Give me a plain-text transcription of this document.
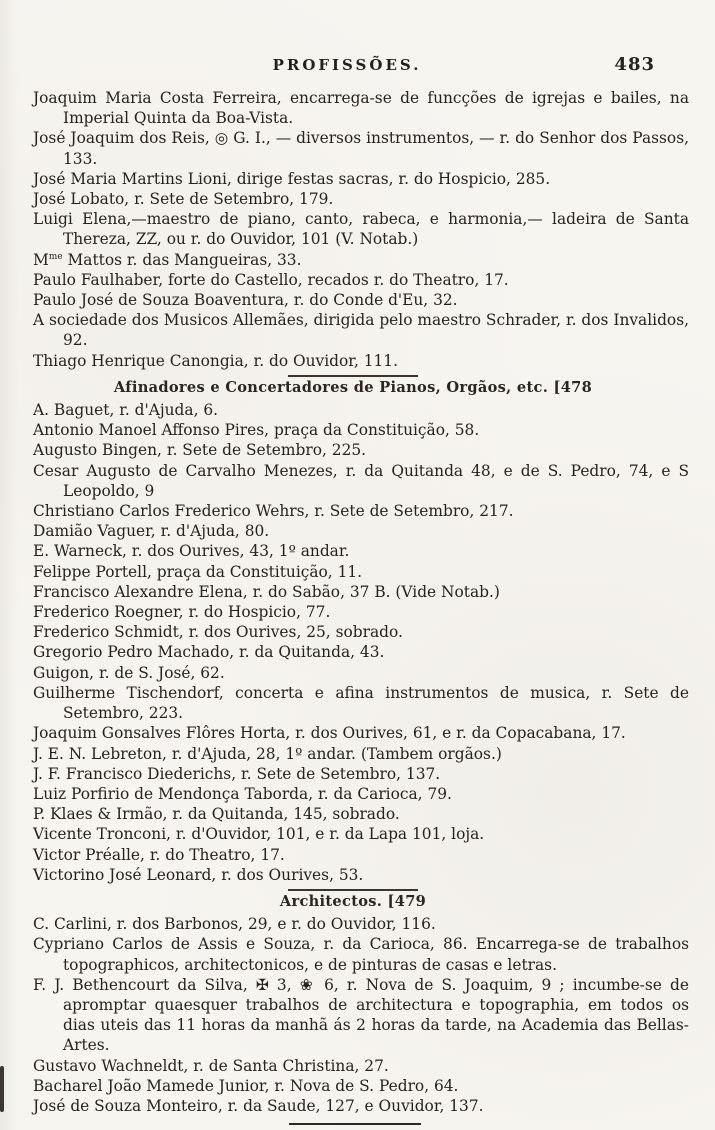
PROFISSÕES.	483

Joaquim Maria Costa Ferreira, encarrega-se de funcções de igrejas e bailes, na Imperial Quinta da Boa-Vista.

José Joaquim dos Reis, ◎ G. I., — diversos instrumentos, — r. do Senhor dos Passos, 133.

José Maria Martins Lioni, dirige festas sacras, r. do Hospicio, 285.

José Lobato, r. Sete de Setembro, 179.

Luigi Elena,—maestro de piano, canto, rabeca, e harmonia,— ladeira de Santa Thereza, ZZ, ou r. do Ouvidor, 101 (V. Notab.)

$M^{me}$ Mattos r. das Mangueiras, 33.

Paulo Faulhaber, forte do Castello, recados r. do Theatro, 17.

Paulo José de Souza Boaventura, r. do Conde d'Eu, 32.

A sociedade dos Musicos Allemães, dirigida pelo maestro Schrader, r. dos Invalidos, 92.

Thiago Henrique Canongia, r. do Ouvidor, 111.

Afinadores e Concertadores de Pianos, Orgãos, etc. [478

A. Baguet, r. d'Ajuda, 6.

Antonio Manoel Affonso Pires, praça da Constituição, 58.

Augusto Bingen, r. Sete de Setembro, 225.

Cesar Augusto de Carvalho Menezes, r. da Quitanda 48, e de S. Pedro, 74, e S Leopoldo, 9

Christiano Carlos Frederico Wehrs, r. Sete de Setembro, 217.

Damião Vaguer, r. d'Ajuda, 80.

E. Warneck, r. dos Ourives, 43, 1º andar.

Felippe Portell, praça da Constituição, 11.

Francisco Alexandre Elena, r. do Sabão, 37 B. (Vide Notab.)

Frederico Roegner, r. do Hospicio, 77.

Frederico Schmidt, r. dos Ourives, 25, sobrado.

Gregorio Pedro Machado, r. da Quitanda, 43.

Guigon, r. de S. José, 62.

Guilherme Tischendorf, concerta e afina instrumentos de musica, r. Sete de Setembro, 223.

Joaquim Gonsalves Flôres Horta, r. dos Ourives, 61, e r. da Copacabana, 17.

J. E. N. Lebreton, r. d'Ajuda, 28, 1º andar. (Tambem orgãos.)

J. F. Francisco Diederichs, r. Sete de Setembro, 137.

Luiz Porfirio de Mendonça Taborda, r. da Carioca, 79.

P. Klaes & Irmão, r. da Quitanda, 145, sobrado.

Vicente Tronconi, r. d'Ouvidor, 101, e r. da Lapa 101, loja.

Victor Préalle, r. do Theatro, 17.

Victorino José Leonard, r. dos Ourives, 53.

Architectos. [479

C. Carlini, r. dos Barbonos, 29, e r. do Ouvidor, 116.

Cypriano Carlos de Assis e Souza, r. da Carioca, 86. Encarrega-se de trabalhos topographicos, architectonicos, e de pinturas de casas e letras.

F. J. Bethencourt da Silva, ✠ 3, ❀ 6, r. Nova de S. Joaquim, 9 ; incumbe-se de apromptar quaesquer trabalhos de architectura e topographia, em todos os dias uteis das 11 horas da manhã ás 2 horas da tarde, na Academia das Bellas-Artes.

Gustavo Wachneldt, r. de Santa Christina, 27.

Bacharel João Mamede Junior, r. Nova de S. Pedro, 64.

José de Souza Monteiro, r. da Saude, 127, e Ouvidor, 137.
